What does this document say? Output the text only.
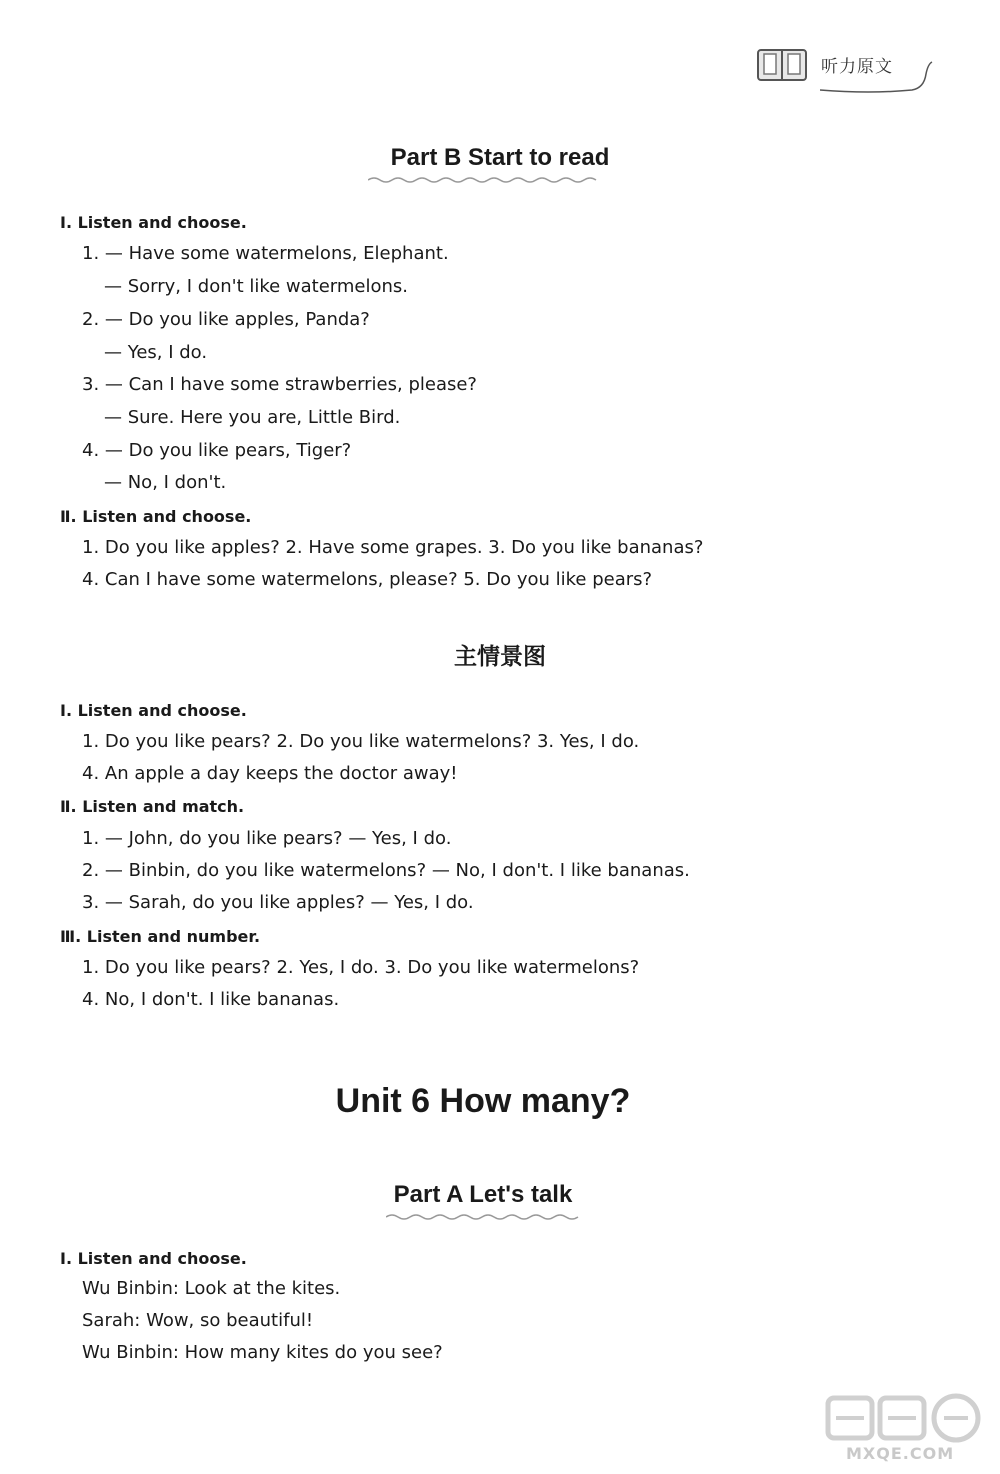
听力原文
Part B Start to read
Ⅰ. Listen and choose.
1. — Have some watermelons, Elephant.
— Sorry, I don't like watermelons.
2. — Do you like apples, Panda?
— Yes, I do.
3. — Can I have some strawberries, please?
— Sure. Here you are, Little Bird.
4. — Do you like pears, Tiger?
— No, I don't.
Ⅱ. Listen and choose.
1. Do you like apples? 2. Have some grapes. 3. Do you like bananas?
4. Can I have some watermelons, please? 5. Do you like pears?
主情景图
Ⅰ. Listen and choose.
1. Do you like pears? 2. Do you like watermelons? 3. Yes, I do.
4. An apple a day keeps the doctor away!
Ⅱ. Listen and match.
1. — John, do you like pears? — Yes, I do.
2. — Binbin, do you like watermelons? — No, I don't. I like bananas.
3. — Sarah, do you like apples? — Yes, I do.
Ⅲ. Listen and number.
1. Do you like pears? 2. Yes, I do. 3. Do you like watermelons?
4. No, I don't. I like bananas.
Unit 6 How many?
Part A Let's talk
Ⅰ. Listen and choose.
Wu Binbin: Look at the kites.
Sarah: Wow, so beautiful!
Wu Binbin: How many kites do you see?
MXQE.COM
